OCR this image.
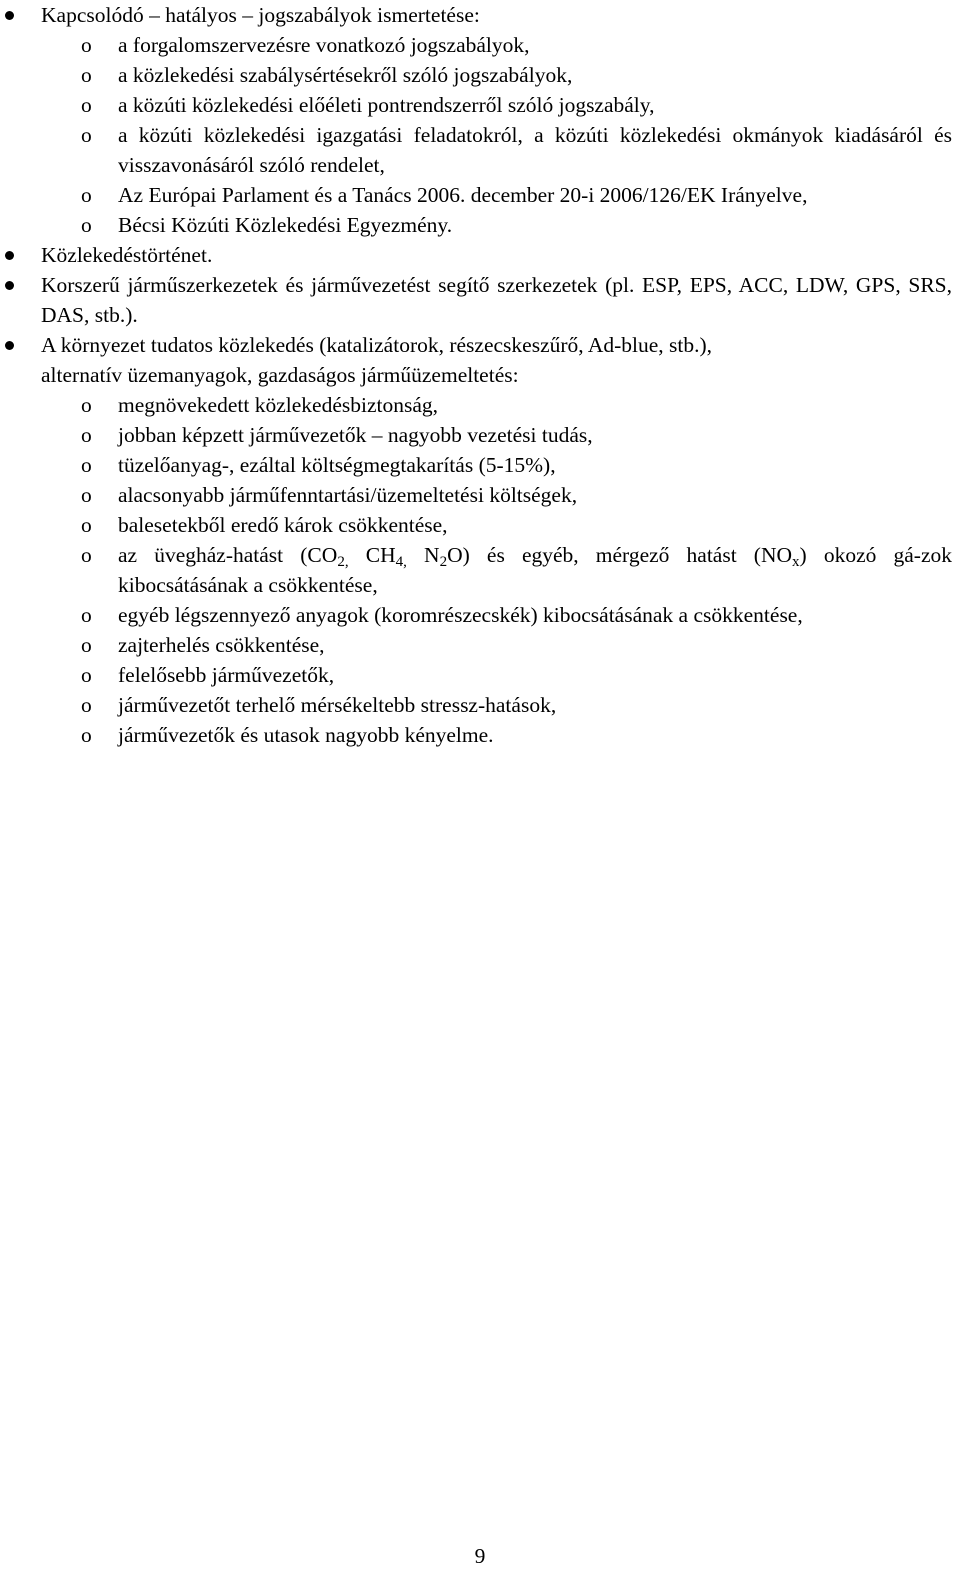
Kapcsolódó – hatályos – jogszabályok ismertetése:
o a forgalomszervezésre vonatkozó jogszabályok,
o a közlekedési szabálysértésekről szóló jogszabályok,
o a közúti közlekedési előéleti pontrendszerről szóló jogszabály,
o a közúti közlekedési igazgatási feladatokról, a közúti közlekedési okmányok kiadásáról és visszavonásáról szóló rendelet,
o Az Európai Parlament és a Tanács 2006. december 20-i 2006/126/EK Irányelve,
o Bécsi Közúti Közlekedési Egyezmény.
Közlekedéstörténet.
Korszerű járműszerkezetek és járművezetést segítő szerkezetek (pl. ESP, EPS, ACC, LDW, GPS, SRS, DAS, stb.).
A környezet tudatos közlekedés (katalizátorok, részecskeszűrő, Ad-blue, stb.),
alternatív üzemanyagok, gazdaságos járműüzemeltetés:
o megnövekedett közlekedésbiztonság,
o jobban képzett járművezetők – nagyobb vezetési tudás,
o tüzelőanyag-, ezáltal költségmegtakarítás (5-15%),
o alacsonyabb járműfenntartási/üzemeltetési költségek,
o balesetekből eredő károk csökkentése,
o az üvegház-hatást ($CO_{2,}$ $CH_{4,}$ $N_2O$) és egyéb, mérgező hatást $(NO_x)$ okozó gá-zok kibocsátásának a csökkentése,
o egyéb légszennyező anyagok (koromrészecskék) kibocsátásának a csökkentése,
o zajterhelés csökkentése,
o felelősebb járművezetők,
o járművezetőt terhelő mérsékeltebb stressz-hatások,
o járművezetők és utasok nagyobb kényelme.
9
